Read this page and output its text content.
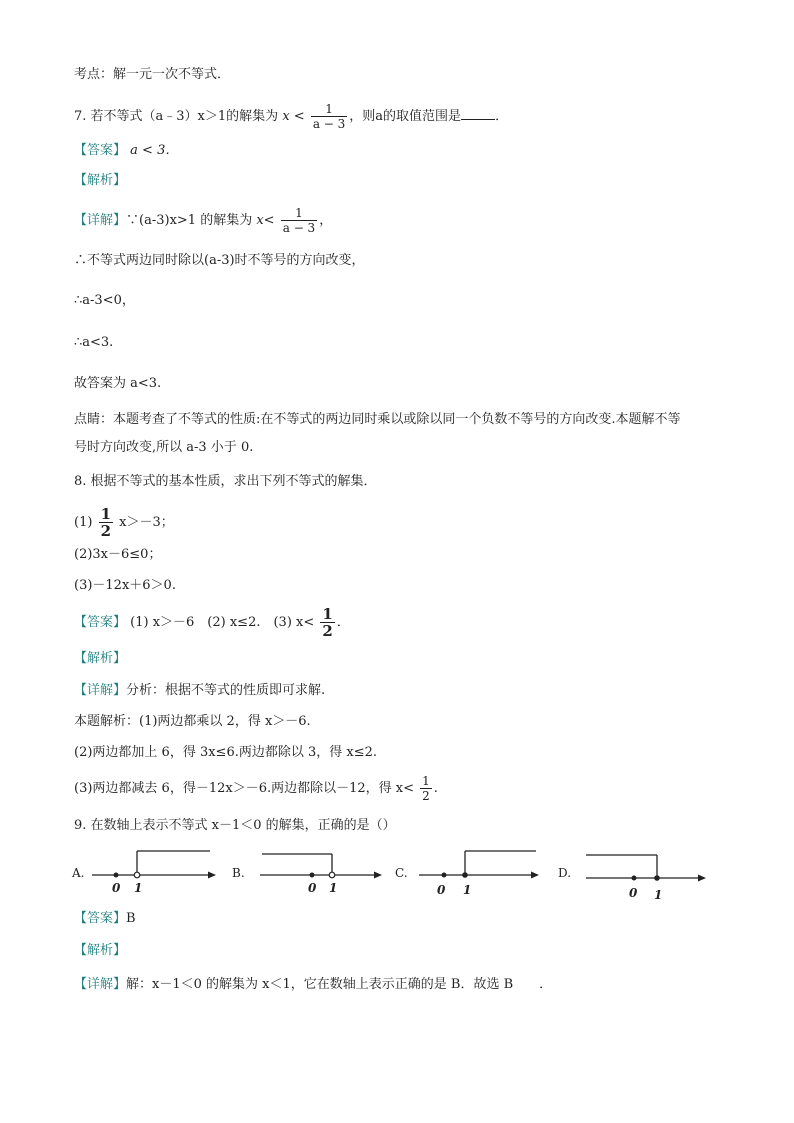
考点：解一元一次不等式．
7. 若不等式（a﹣3）x＞1的解集为 $x < \frac{1}{a - 3}$ ，则a的取值范围是	．
【答案】 a < 3．
【解析】
【详解】∵(a-3)x>1 的解集为 $x< \frac{1}{a - 3}$ ，
∴不等式两边同时除以(a-3)时不等号的方向改变，
∴a-3<0，
∴a<3.
故答案为 a<3.
点睛：本题考查了不等式的性质:在不等式的两边同时乘以或除以同一个负数不等号的方向改变.本题解不等
号时方向改变,所以 a-3 小于 0.
8. 根据不等式的基本性质，求出下列不等式的解集．
$(1) \frac{1}{2} x>-3$；
(2)3x－6≤0；
(3)－12x＋6＞0.
【答案】 (1) x＞－6　(2) x≤2.　(3) $x< \frac{1}{2}$ ．
【解析】
【详解】分析：根据不等式的性质即可求解.
本题解析：(1)两边都乘以 2，得 x＞－6.
(2)两边都加上 6，得 3x≤6.两边都除以 3，得 x≤2.
(3)两边都减去 6，得－12x＞－6.两边都除以－12，得 $x< \frac{1}{2}$ .
9. 在数轴上表示不等式 x－1＜0 的解集，正确的是（）
A.
0 1
B.
0 1
C.
0 1
D.
0 1
【答案】B
【解析】
【详解】解：x－1＜0 的解集为 x＜1，它在数轴上表示正确的是 B．故选 B　　．
